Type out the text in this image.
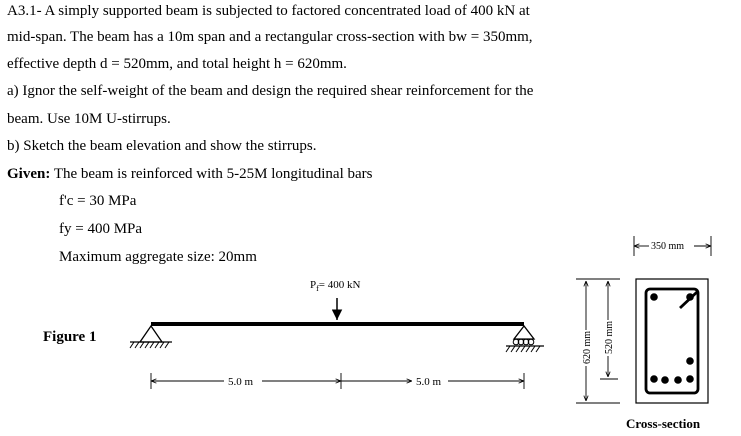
A3.1- A simply supported beam is subjected to factored concentrated load of 400 kN at
mid-span. The beam has a 10m span and a rectangular cross-section with bw = 350mm,
effective depth d = 520mm, and total height h = 620mm.
a) Ignor the self-weight of the beam and design the required shear reinforcement for the
beam. Use 10M U-stirrups.
b) Sketch the beam elevation and show the stirrups.
Given: The beam is reinforced with 5-25M longitudinal bars
f'c = 30 MPa
fy = 400 MPa
Maximum aggregate size: 20mm
Figure 1
$P_f= 400$ kN
5.0 m	5.0 m
350 mm
620 mm 520 mm
Cross-section
